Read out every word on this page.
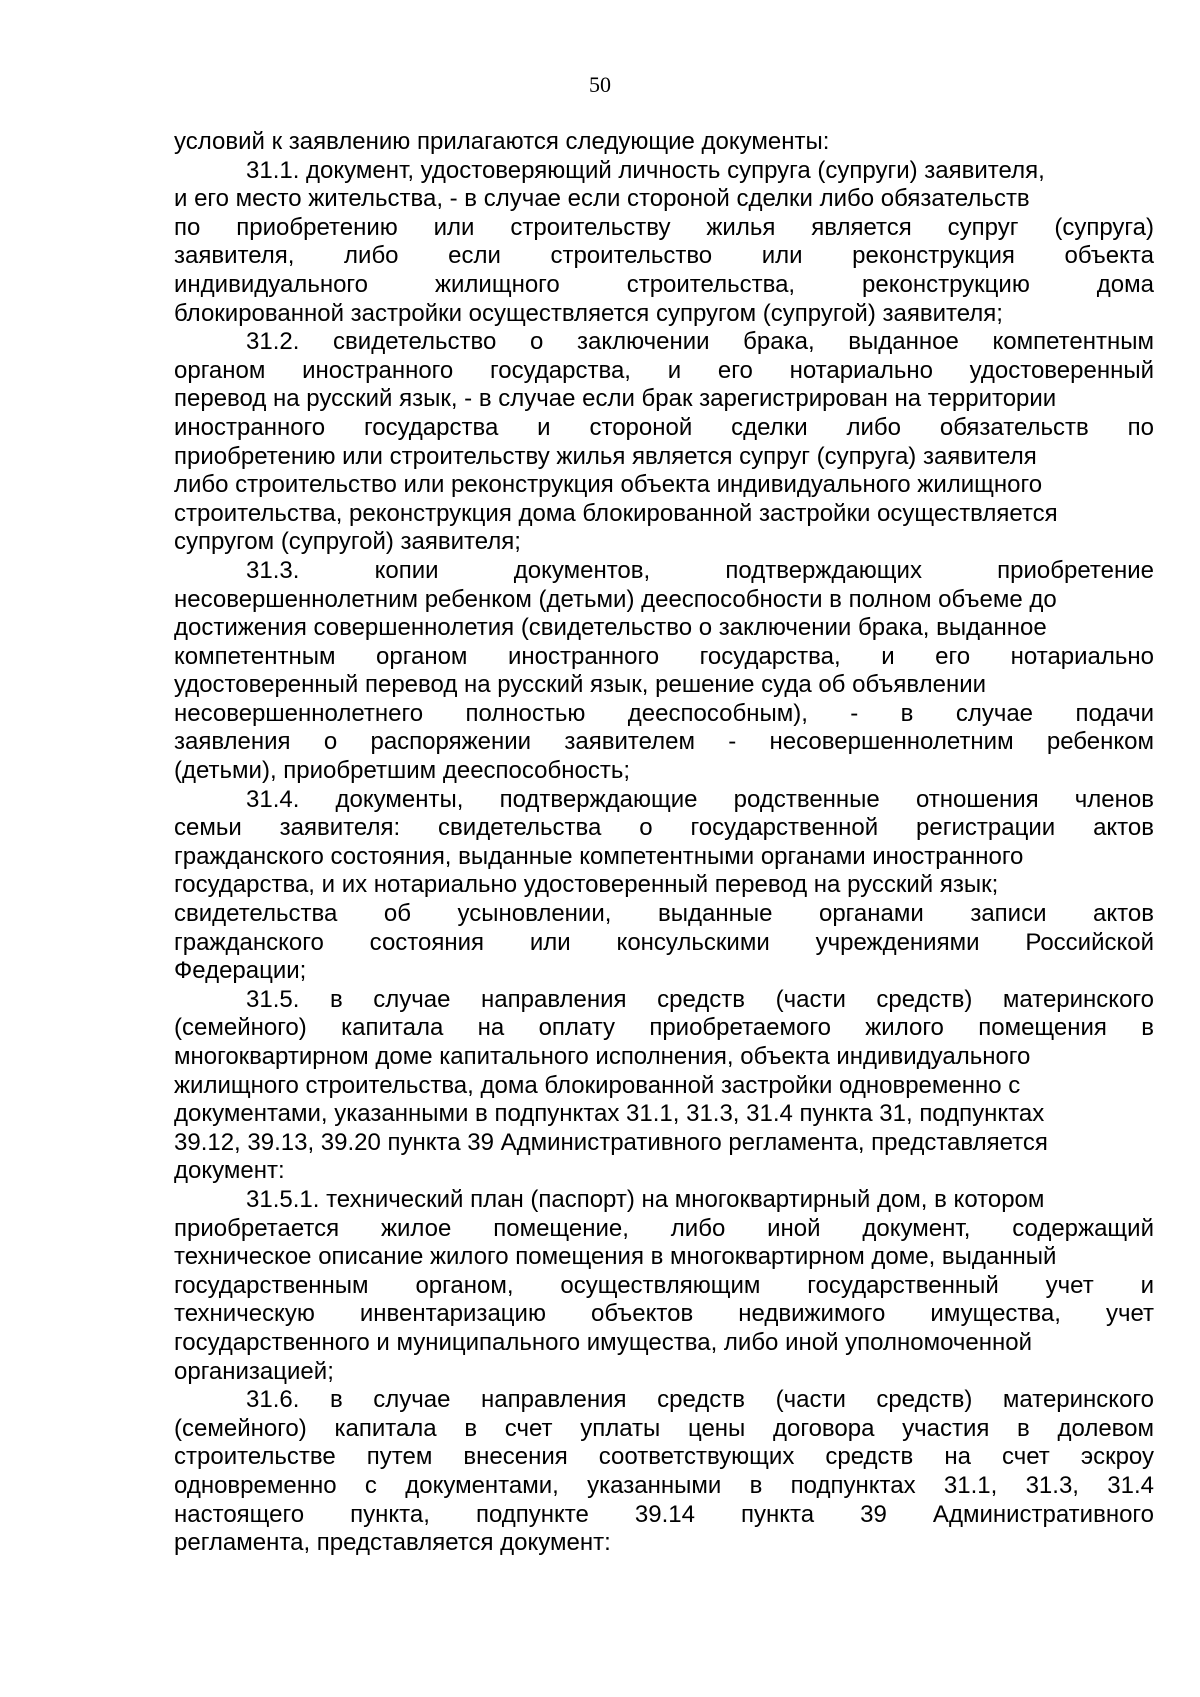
50
условий к заявлению прилагаются следующие документы:
31.1. документ, удостоверяющий личность супруга (супруги) заявителя,
и его место жительства, - в случае если стороной сделки либо обязательств
по приобретению или строительству жилья является супруг (супруга)
заявителя, либо если строительство или реконструкция объекта
индивидуального жилищного строительства, реконструкцию дома
блокированной застройки осуществляется супругом (супругой) заявителя;
31.2. свидетельство о заключении брака, выданное компетентным
органом иностранного государства, и его нотариально удостоверенный
перевод на русский язык, - в случае если брак зарегистрирован на территории
иностранного государства и стороной сделки либо обязательств по
приобретению или строительству жилья является супруг (супруга) заявителя
либо строительство или реконструкция объекта индивидуального жилищного
строительства, реконструкция дома блокированной застройки осуществляется
супругом (супругой) заявителя;
31.3. копии документов, подтверждающих приобретение
несовершеннолетним ребенком (детьми) дееспособности в полном объеме до
достижения совершеннолетия (свидетельство о заключении брака, выданное
компетентным органом иностранного государства, и его нотариально
удостоверенный перевод на русский язык, решение суда об объявлении
несовершеннолетнего полностью дееспособным), - в случае подачи
заявления о распоряжении заявителем - несовершеннолетним ребенком
(детьми), приобретшим дееспособность;
31.4. документы, подтверждающие родственные отношения членов
семьи заявителя: свидетельства о государственной регистрации актов
гражданского состояния, выданные компетентными органами иностранного
государства, и их нотариально удостоверенный перевод на русский язык;
свидетельства об усыновлении, выданные органами записи актов
гражданского состояния или консульскими учреждениями Российской
Федерации;
31.5. в случае направления средств (части средств) материнского
(семейного) капитала на оплату приобретаемого жилого помещения в
многоквартирном доме капитального исполнения, объекта индивидуального
жилищного строительства, дома блокированной застройки одновременно с
документами, указанными в подпунктах 31.1, 31.3, 31.4 пункта 31, подпунктах
39.12, 39.13, 39.20 пункта 39 Административного регламента, представляется
документ:
31.5.1. технический план (паспорт) на многоквартирный дом, в котором
приобретается жилое помещение, либо иной документ, содержащий
техническое описание жилого помещения в многоквартирном доме, выданный
государственным органом, осуществляющим государственный учет и
техническую инвентаризацию объектов недвижимого имущества, учет
государственного и муниципального имущества, либо иной уполномоченной
организацией;
31.6. в случае направления средств (части средств) материнского
(семейного) капитала в счет уплаты цены договора участия в долевом
строительстве путем внесения соответствующих средств на счет эскроу
одновременно с документами, указанными в подпунктах 31.1, 31.3, 31.4
настоящего пункта, подпункте 39.14 пункта 39 Административного
регламента, представляется документ:
